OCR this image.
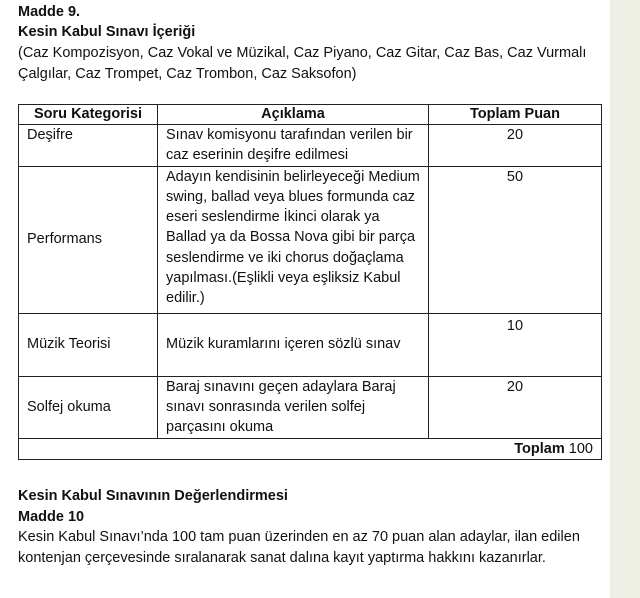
Madde 9.
Kesin Kabul Sınavı İçeriği
(Caz Kompozisyon, Caz Vokal ve Müzikal, Caz Piyano, Caz Gitar, Caz Bas, Caz Vurmalı
Çalgılar, Caz Trompet, Caz Trombon, Caz Saksofon)
Soru Kategorisi	Açıklama	Toplam Puan
Deşifre	Sınav komisyonu tarafından verilen bir caz eserinin deşifre edilmesi	20
Performans	Adayın kendisinin belirleyeceği Medium swing, ballad veya blues formunda caz eseri seslendirme İkinci olarak ya Ballad ya da Bossa Nova gibi bir parça seslendirme ve iki chorus doğaçlama yapılması.(Eşlikli veya eşliksiz Kabul edilir.)	50
Müzik Teorisi	Müzik kuramlarını içeren sözlü sınav	10
Solfej okuma	Baraj sınavını geçen adaylara Baraj sınavı sonrasında verilen solfej parçasını okuma	20
Toplam 100		
Kesin Kabul Sınavının Değerlendirmesi
Madde 10
Kesin Kabul Sınavı’nda 100 tam puan üzerinden en az 70 puan alan adaylar, ilan edilen kontenjan çerçevesinde sıralanarak sanat dalına kayıt yaptırma hakkını kazanırlar.
